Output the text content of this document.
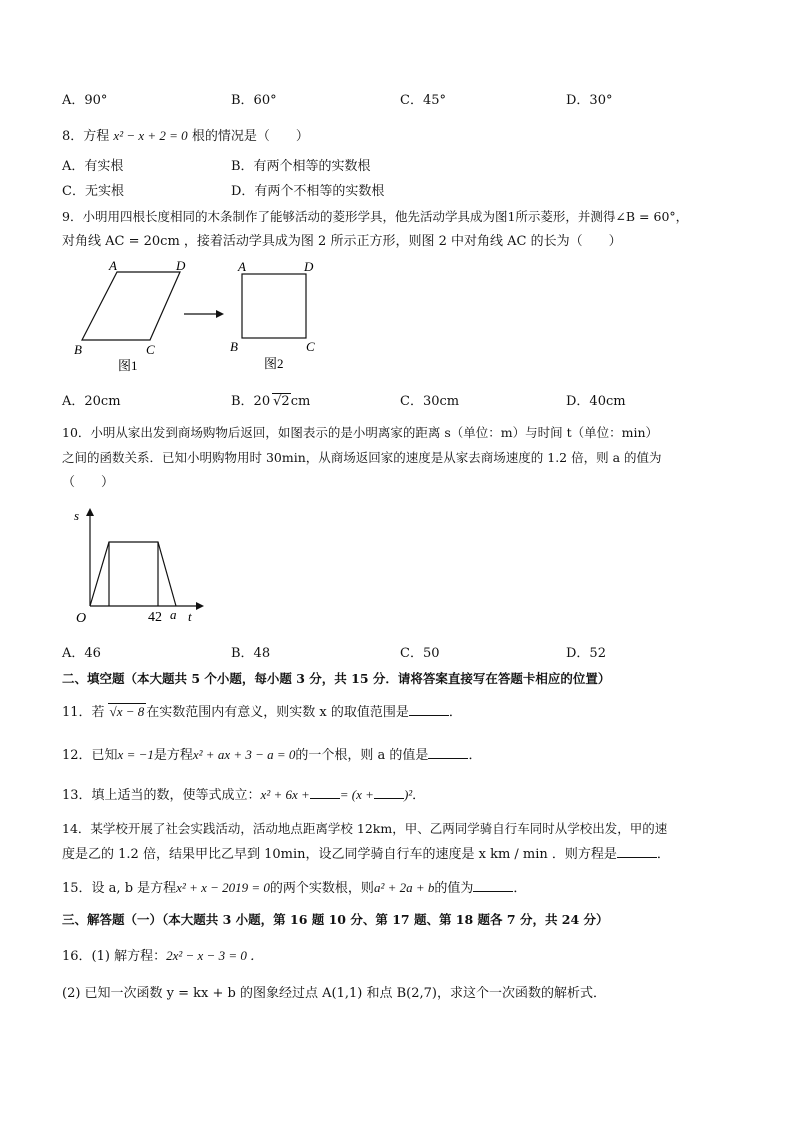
A．90°	B．60°	C．45°	D．30°
8．方程 x² − x + 2 = 0 根的情况是（　　）
A．有实根	B．有两个相等的实数根
C．无实根	D．有两个不相等的实数根
9．小明用四根长度相同的木条制作了能够活动的菱形学具，他先活动学具成为图1所示菱形，并测得∠B = 60°，
对角线 AC = 20cm ，接着活动学具成为图 2 所示正方形，则图 2 中对角线 AC 的长为（　　）
A	D
B	C
图1
A	D
B	C
图2
A．20cm	B．20 √2cm	C．30cm	D．40cm
10．小明从家出发到商场购物后返回，如图表示的是小明离家的距离 s（单位：m）与时间 t（单位：min）
之间的函数关系．已知小明购物用时 30min，从商场返回家的速度是从家去商场速度的 1.2 倍，则 a 的值为
（　　）
s
O	42 a t
A．46	B．48	C．50	D．52
二、填空题（本大题共 5 个小题，每小题 3 分，共 15 分．请将答案直接写在答题卡相应的位置）
11．若 √x − 8 在实数范围内有意义，则实数 x 的取值范围是	．
12．已知x = −1是方程x² + ax + 3 − a = 0的一个根，则 a 的值是	．
13．填上适当的数，使等式成立：x² + 6x + = (x + )²．
14．某学校开展了社会实践活动，活动地点距离学校 12km，甲、乙两同学骑自行车同时从学校出发，甲的速
度是乙的 1.2 倍，结果甲比乙早到 10min，设乙同学骑自行车的速度是 x km / min ．则方程是	．
15．设 a, b 是方程x² + x − 2019 = 0的两个实数根，则a² + 2a + b的值为	．
三、解答题（一）（本大题共 3 小题，第 16 题 10 分、第 17 题、第 18 题各 7 分，共 24 分）
16．(1) 解方程：2x² − x − 3 = 0 ．
(2) 已知一次函数 y = kx + b 的图象经过点 A(1,1) 和点 B(2,7)，求这个一次函数的解析式．
